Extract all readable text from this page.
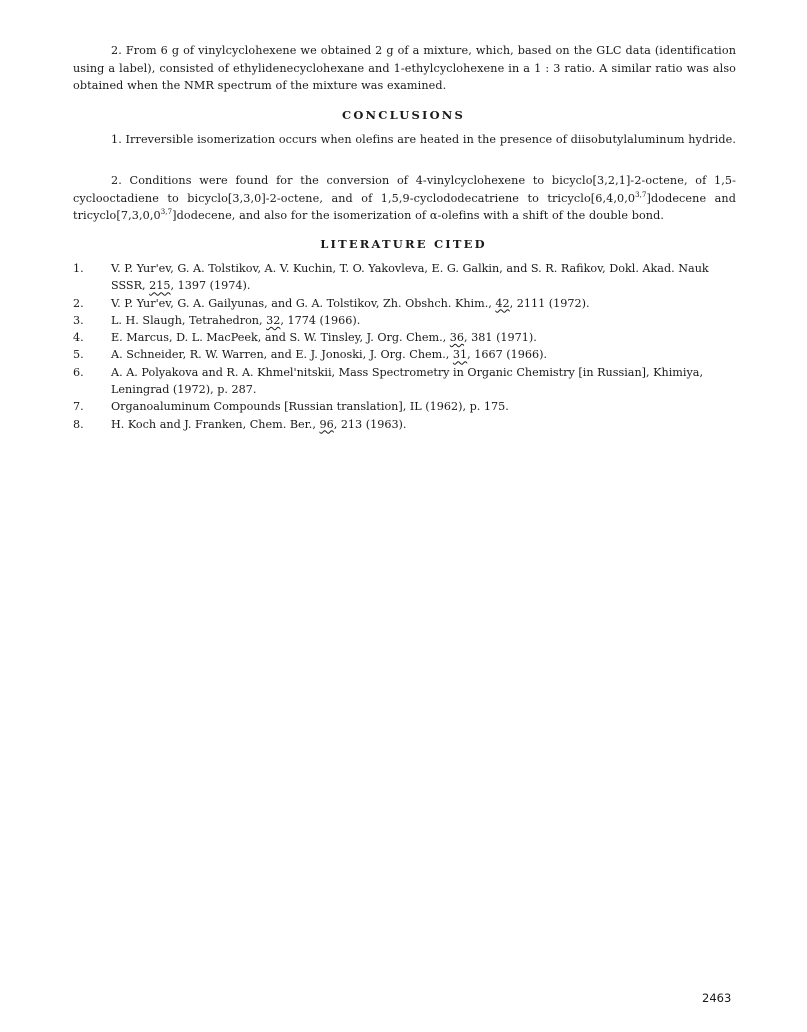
2. From 6 g of vinylcyclohexene we obtained 2 g of a mixture, which, based on the GLC data (identification using a label), consisted of ethylidenecyclohexane and 1-ethylcyclohexene in a 1 : 3 ratio. A similar ratio was also obtained when the NMR spectrum of the mixture was examined.

CONCLUSIONS

1. Irreversible isomerization occurs when olefins are heated in the presence of diisobutylaluminum hydride.

2. Conditions were found for the conversion of 4-vinylcyclohexene to bicyclo[3,2,1]-2-octene, of 1,5-cyclooctadiene to bicyclo[3,3,0]-2-octene, and of 1,5,9-cyclododecatriene to tricyclo[6,4,0,0$^{3,7}$]dodecene and tricyclo[7,3,0,0$^{3,7}$]dodecene, and also for the isomerization of α-olefins with a shift of the double bond.

LITERATURE CITED
1.	V. P. Yur'ev, G. A. Tolstikov, A. V. Kuchin, T. O. Yakovleva, E. G. Galkin, and S. R. Rafikov, Dokl. Akad. Nauk SSSR, 215, 1397 (1974).
2.	V. P. Yur'ev, G. A. Gailyunas, and G. A. Tolstikov, Zh. Obshch. Khim., 42, 2111 (1972).
3.	L. H. Slaugh, Tetrahedron, 32, 1774 (1966).
4.	E. Marcus, D. L. MacPeek, and S. W. Tinsley, J. Org. Chem., 36, 381 (1971).
5.	A. Schneider, R. W. Warren, and E. J. Jonoski, J. Org. Chem., 31, 1667 (1966).
6.	A. A. Polyakova and R. A. Khmel'nitskii, Mass Spectrometry in Organic Chemistry [in Russian], Khimiya, Leningrad (1972), p. 287.
7.	Organoaluminum Compounds [Russian translation], IL (1962), p. 175.
8.	H. Koch and J. Franken, Chem. Ber., 96, 213 (1963).
2463
